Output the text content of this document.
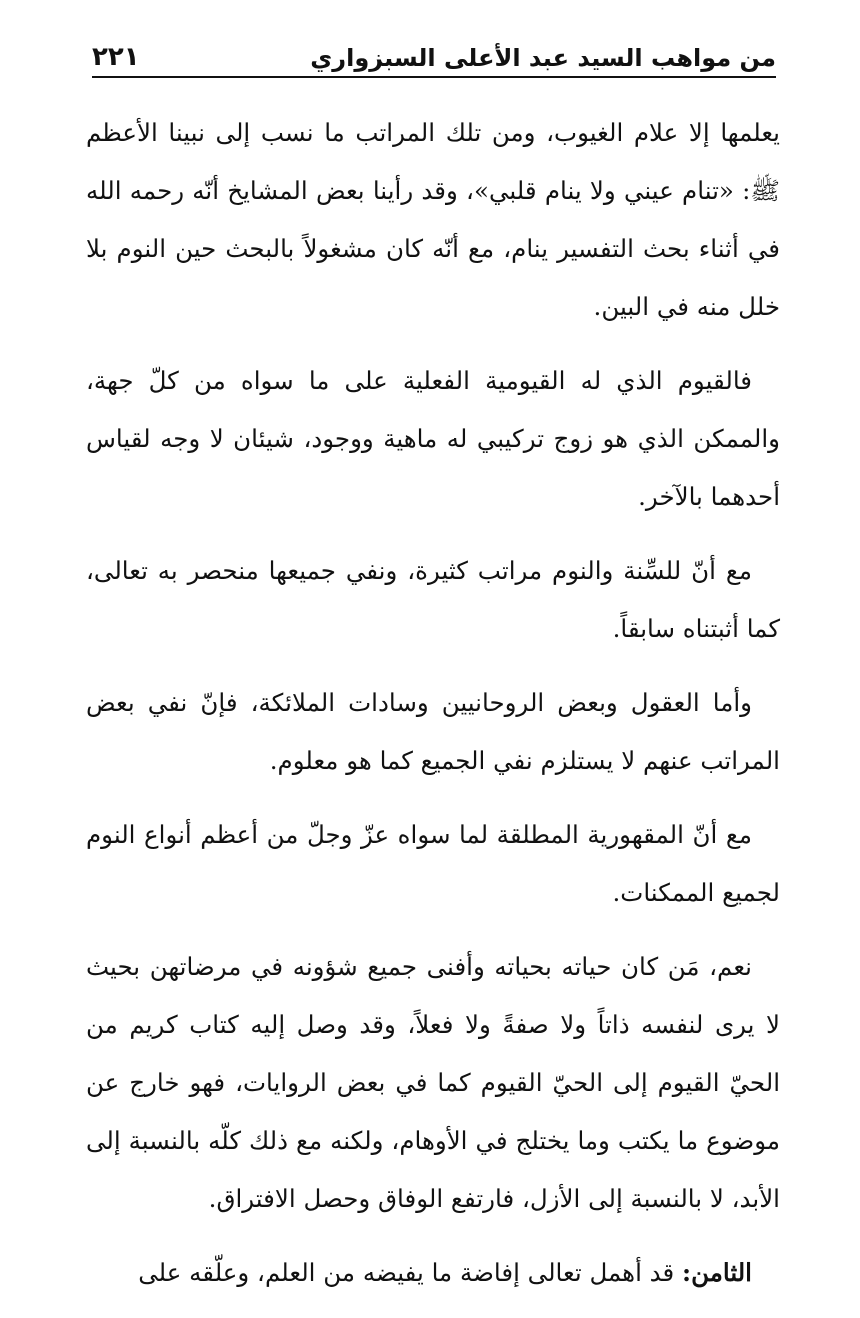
من مواهب السيد عبد الأعلى السبزواري
٢٢١

يعلمها إلا علام الغيوب، ومن تلك المراتب ما نسب إلى نبينا الأعظم ﷺ: «تنام عيني ولا ينام قلبي»، وقد رأينا بعض المشايخ أنّه رحمه الله في أثناء بحث التفسير ينام، مع أنّه كان مشغولاً بالبحث حين النوم بلا خلل منه في البين.

فالقيوم الذي له القيومية الفعلية على ما سواه من كلّ جهة، والممكن الذي هو زوج تركيبي له ماهية ووجود، شيئان لا وجه لقياس أحدهما بالآخر.

مع أنّ للسِّنة والنوم مراتب كثيرة، ونفي جميعها منحصر به تعالى، كما أثبتناه سابقاً.

وأما العقول وبعض الروحانيين وسادات الملائكة، فإنّ نفي بعض المراتب عنهم لا يستلزم نفي الجميع كما هو معلوم.

مع أنّ المقهورية المطلقة لما سواه عزّ وجلّ من أعظم أنواع النوم لجميع الممكنات.

نعم، مَن كان حياته بحياته وأفنى جميع شؤونه في مرضاتهن بحيث لا يرى لنفسه ذاتاً ولا صفةً ولا فعلاً، وقد وصل إليه كتاب كريم من الحيّ القيوم إلى الحيّ القيوم كما في بعض الروايات، فهو خارج عن موضوع ما يكتب وما يختلج في الأوهام، ولكنه مع ذلك كلّه بالنسبة إلى الأبد، لا بالنسبة إلى الأزل، فارتفع الوفاق وحصل الافتراق.

الثامن: قد أهمل تعالى إفاضة ما يفيضه من العلم، وعلّقه على
